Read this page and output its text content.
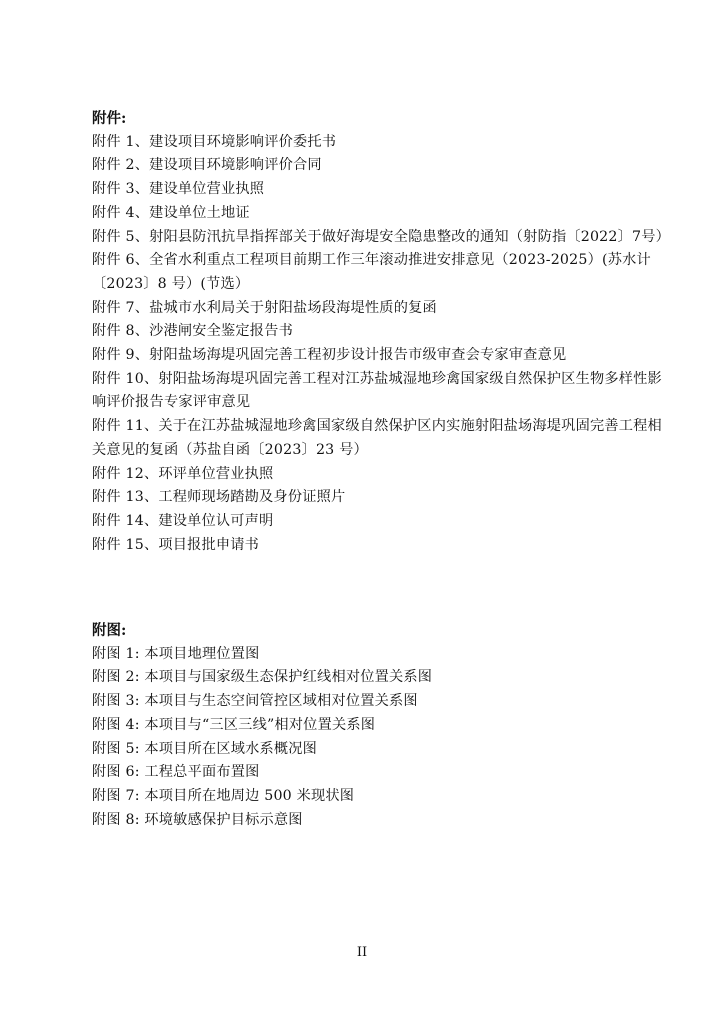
附件:
附件 1、建设项目环境影响评价委托书
附件 2、建设项目环境影响评价合同
附件 3、建设单位营业执照
附件 4、建设单位土地证
附件 5、射阳县防汛抗旱指挥部关于做好海堤安全隐患整改的通知（射防指〔2022〕7号）
附件 6、全省水利重点工程项目前期工作三年滚动推进安排意见（2023-2025）(苏水计〔2023〕8 号）(节选）
附件 7、盐城市水利局关于射阳盐场段海堤性质的复函
附件 8、沙港闸安全鉴定报告书
附件 9、射阳盐场海堤巩固完善工程初步设计报告市级审查会专家审查意见
附件 10、射阳盐场海堤巩固完善工程对江苏盐城湿地珍禽国家级自然保护区生物多样性影响评价报告专家评审意见
附件 11、关于在江苏盐城湿地珍禽国家级自然保护区内实施射阳盐场海堤巩固完善工程相关意见的复函（苏盐自函〔2023〕23 号）
附件 12、环评单位营业执照
附件 13、工程师现场踏勘及身份证照片
附件 14、建设单位认可声明
附件 15、项目报批申请书
附图:
附图 1: 本项目地理位置图
附图 2: 本项目与国家级生态保护红线相对位置关系图
附图 3: 本项目与生态空间管控区域相对位置关系图
附图 4: 本项目与“三区三线”相对位置关系图
附图 5: 本项目所在区域水系概况图
附图 6: 工程总平面布置图
附图 7: 本项目所在地周边 500 米现状图
附图 8: 环境敏感保护目标示意图
II
